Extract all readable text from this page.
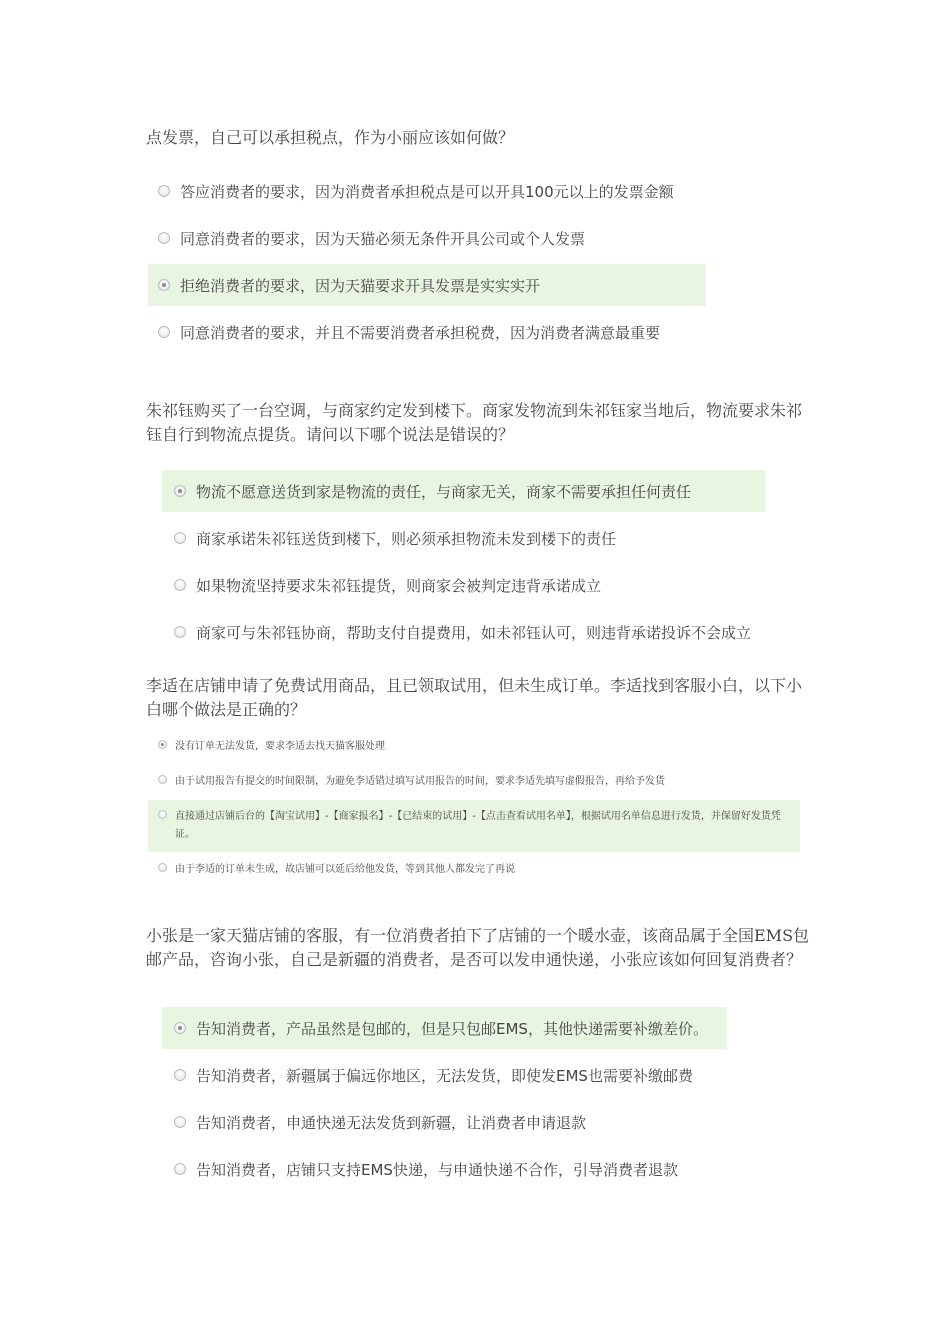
点发票，自己可以承担税点，作为小丽应该如何做？
答应消费者的要求，因为消费者承担税点是可以开具100元以上的发票金额
同意消费者的要求，因为天猫必须无条件开具公司或个人发票
拒绝消费者的要求，因为天猫要求开具发票是实实实开
同意消费者的要求，并且不需要消费者承担税费，因为消费者满意最重要
朱祁钰购买了一台空调，与商家约定发到楼下。商家发物流到朱祁钰家当地后，物流要求朱祁钰自行到物流点提货。请问以下哪个说法是错误的？
物流不愿意送货到家是物流的责任，与商家无关，商家不需要承担任何责任
商家承诺朱祁钰送货到楼下，则必须承担物流未发到楼下的责任
如果物流坚持要求朱祁钰提货，则商家会被判定违背承诺成立
商家可与朱祁钰协商，帮助支付自提费用，如未祁钰认可，则违背承诺投诉不会成立
李适在店铺申请了免费试用商品，且已领取试用，但未生成订单。李适找到客服小白，以下小白哪个做法是正确的？
没有订单无法发货，要求李适去找天猫客服处理
由于试用报告有提交的时间限制，为避免李适错过填写试用报告的时间，要求李适先填写虚假报告，再给予发货
直接通过店铺后台的【淘宝试用】-【商家报名】-【已结束的试用】-【点击查看试用名单】，根据试用名单信息进行发货，并保留好发货凭证。
由于李适的订单未生成，故店铺可以延后给他发货，等到其他人都发完了再说
小张是一家天猫店铺的客服，有一位消费者拍下了店铺的一个暖水壶，该商品属于全国EMS包邮产品，咨询小张，自己是新疆的消费者，是否可以发申通快递，小张应该如何回复消费者？
告知消费者，产品虽然是包邮的，但是只包邮EMS，其他快递需要补缴差价。
告知消费者，新疆属于偏远你地区，无法发货，即使发EMS也需要补缴邮费
告知消费者，申通快递无法发货到新疆，让消费者申请退款
告知消费者，店铺只支持EMS快递，与申通快递不合作，引导消费者退款
